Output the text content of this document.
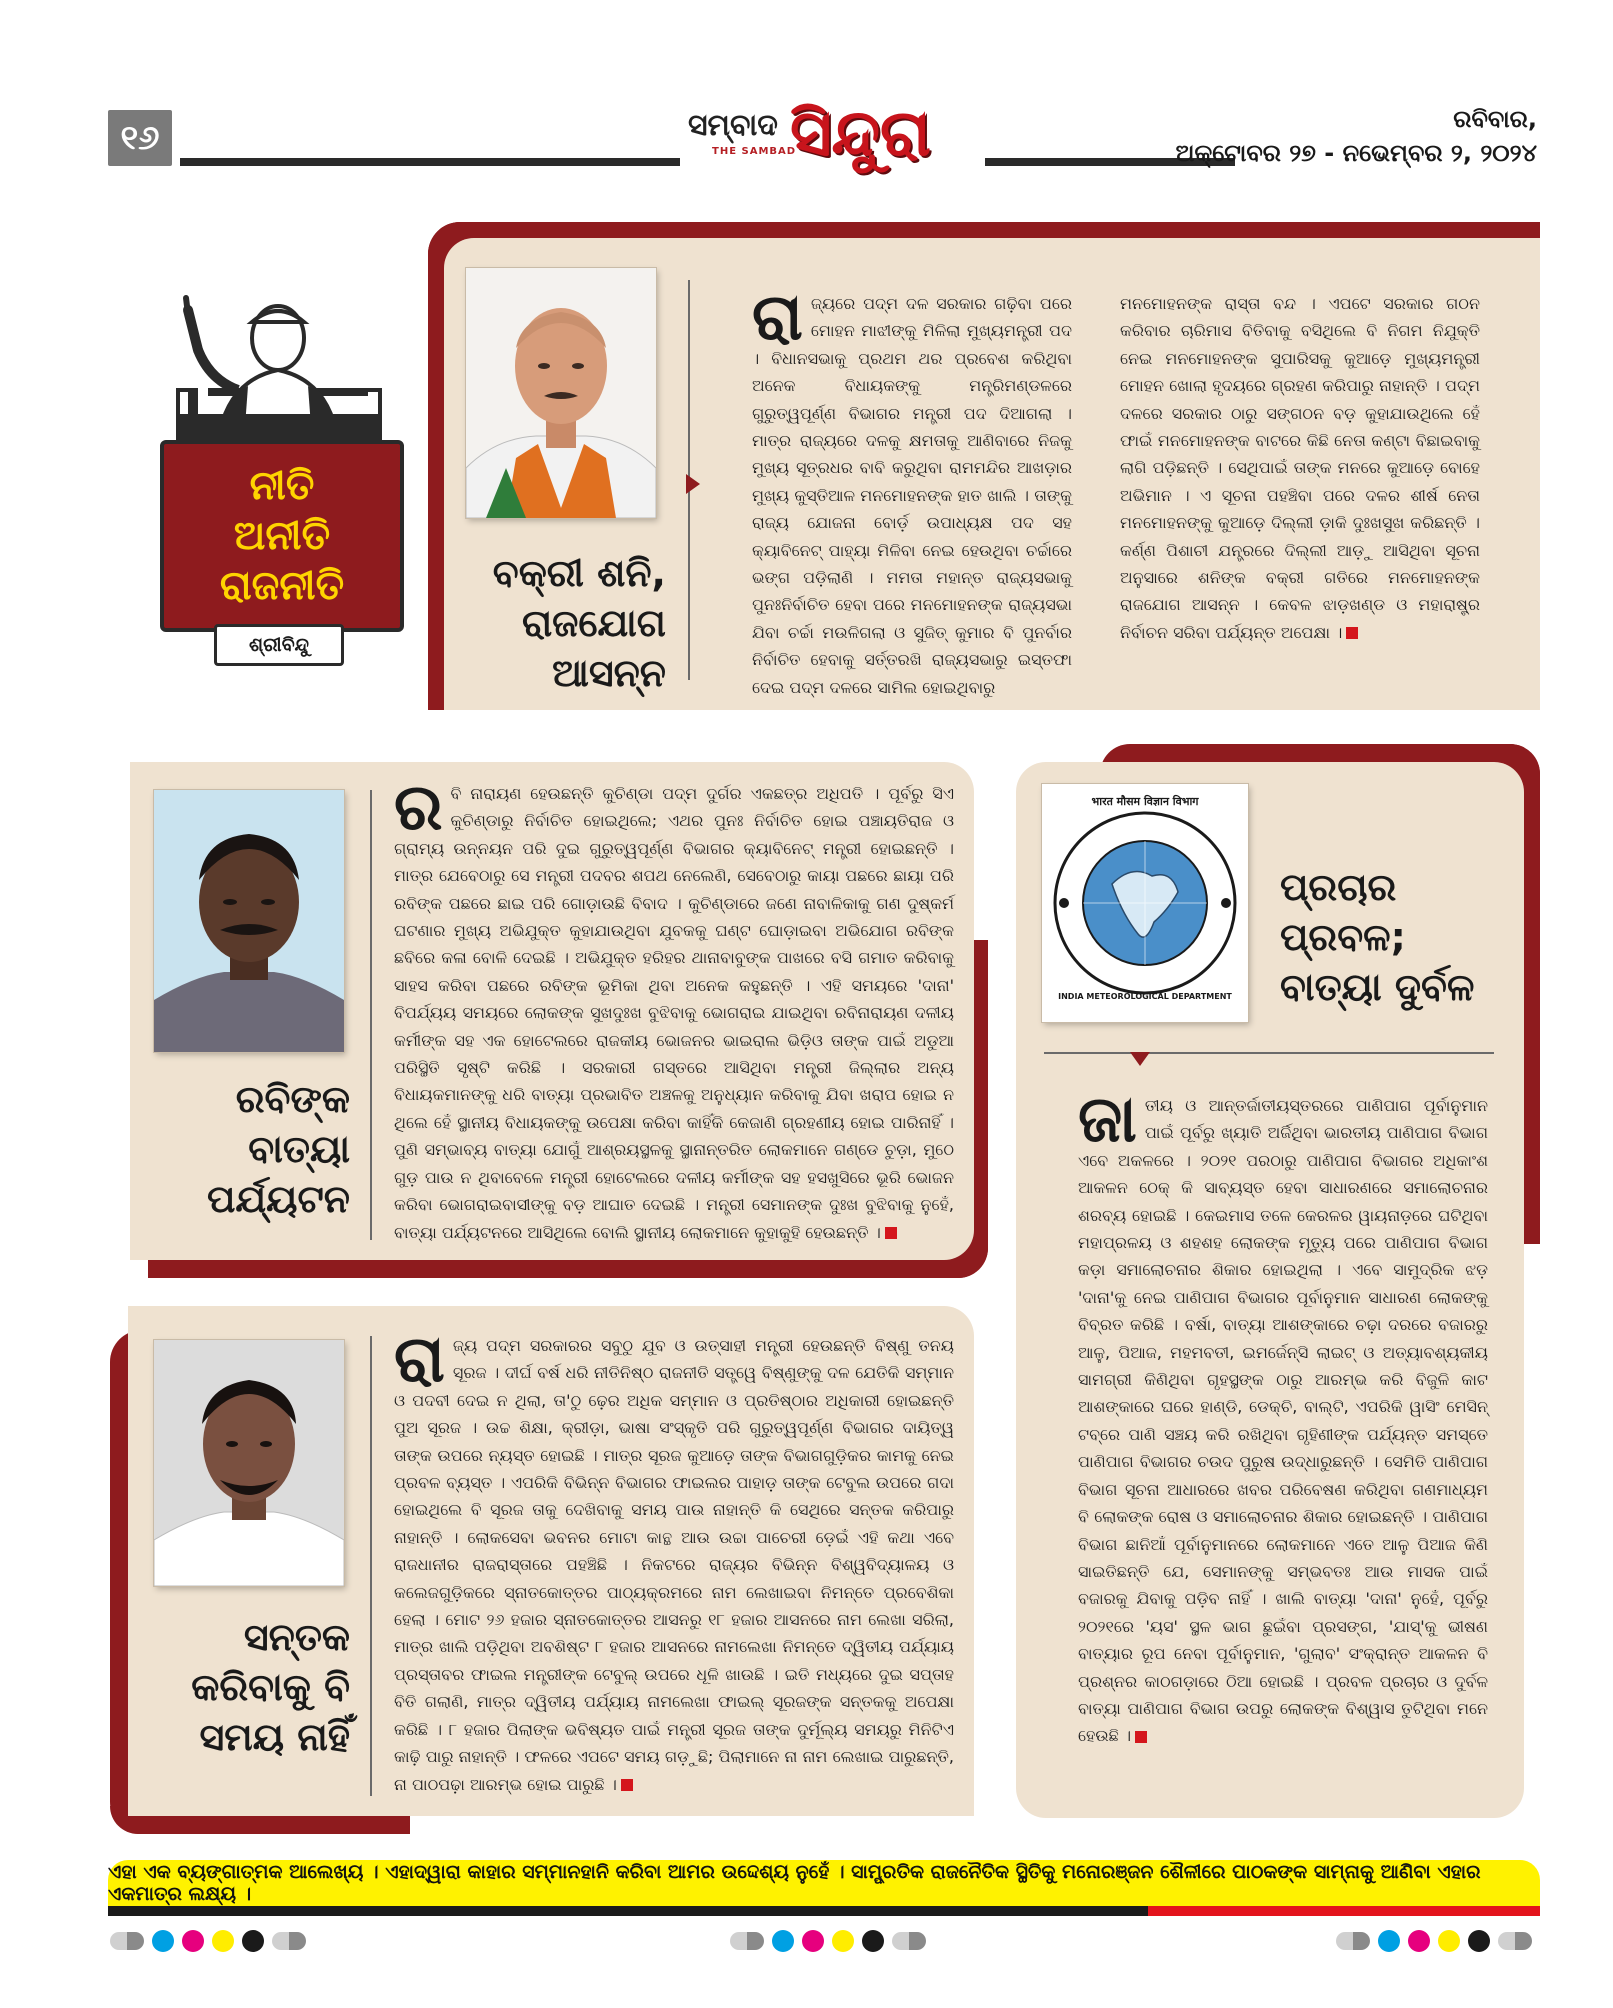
୧୬	ସମ୍ବାଦ
THE SAMBAD
ସିନ୍ଦୁରା	ରବିବାର,
ଅକ୍ଟୋବର ୨୭ - ନଭେମ୍ବର ୨, ୨୦୨୪
ନୀତି
ଅନୀତି
ରାଜନୀତି
ଶ୍ରୀବିନ୍ଦୁ
ବକ୍ରୀ ଶନି,
ରାଜଯୋଗ
ଆସନ୍ନ
ରା ଜ୍ୟରେ ପଦ୍ମ ଦଳ ସରକାର ଗଢ଼ିବା ପରେ ମୋହନ ମାଝୀଙ୍କୁ ମିଳିଲା ମୁଖ୍ୟମନ୍ତ୍ରୀ ପଦ । ବିଧାନସଭାକୁ ପ୍ରଥମ ଥର ପ୍ରବେଶ କରିଥିବା ଅନେକ ବିଧାୟକଙ୍କୁ ମନ୍ତ୍ରିମଣ୍ଡଳରେ ଗୁରୁତ୍ୱପୂର୍ଣ୍ଣ ବିଭାଗର ମନ୍ତ୍ରୀ ପଦ ଦିଆଗଲା । ମାତ୍ର ରାଜ୍ୟରେ ଦଳକୁ କ୍ଷମତାକୁ ଆଣିବାରେ ନିଜକୁ ମୁଖ୍ୟ ସୂତ୍ରଧର ବାବି କରୁଥିବା ରାମମନ୍ଦିର ଆଖଡ଼ାର ମୁଖ୍ୟ କୁସ୍ତିଆଳ ମନମୋହନଙ୍କ ହାତ ଖାଲି । ତାଙ୍କୁ ରାଜ୍ୟ ଯୋଜନା ବୋର୍ଡ଼ ଉପାଧ୍ୟକ୍ଷ ପଦ ସହ କ୍ୟାବିନେଟ୍ ପାହ୍ୟା ମିଳିବା ନେଇ ହେଉଥିବା ଚର୍ଚ୍ଚାରେ ଭଙ୍ଗ ପଡ଼ିଲାଣି । ମମତା ମହାନ୍ତ ରାଜ୍ୟସଭାକୁ ପୁନଃନିର୍ବାଚିତ ହେବା ପରେ ମନମୋହନଙ୍କ ରାଜ୍ୟସଭା ଯିବା ଚର୍ଚ୍ଚା ମଉଳିଗଲା ଓ ସୁଜିତ୍ କୁମାର ବି ପୁନର୍ବାର ନିର୍ବାଚିତ ହେବାକୁ ସର୍ତ୍ତରଖି ରାଜ୍ୟସଭାରୁ ଇସ୍ତଫା ଦେଇ ପଦ୍ମ ଦଳରେ ସାମିଲ ହୋଇଥିବାରୁ
ମନମୋହନଙ୍କ ରାସ୍ତା ବନ୍ଦ । ଏପଟେ ସରକାର ଗଠନ କରିବାର ଚାରିମାସ ବିତିବାକୁ ବସିଥିଲେ ବି ନିଗମ ନିଯୁକ୍ତି ନେଇ ମନମୋହନଙ୍କ ସୁପାରିସକୁ କୁଆଡ଼େ ମୁଖ୍ୟମନ୍ତ୍ରୀ ମୋହନ ଖୋଲା ହୃଦୟରେ ଗ୍ରହଣ କରିପାରୁ ନାହାନ୍ତି । ପଦ୍ମ ଦଳରେ ସରକାର ଠାରୁ ସଙ୍ଗଠନ ବଡ଼ କୁହାଯାଉଥିଲେ ହେଁ ଫାଇଁ ମନମୋହନଙ୍କ ବାଟରେ କିଛି ନେତା କଣ୍ଟା ବିଛାଇବାକୁ ଲାଗି ପଡ଼ିଛନ୍ତି । ସେଥିପାଇଁ ତାଙ୍କ ମନରେ କୁଆଡ଼େ ବୋହେ ଅଭିମାନ । ଏ ସୂଚନା ପହଞ୍ଚିବା ପରେ ଦଳର ଶୀର୍ଷ ନେତା ମନମୋହନଙ୍କୁ କୁଆଡ଼େ ଦିଲ୍ଲୀ ଡ଼ାକି ଦୁଃଖସୁଖ କରିଛନ୍ତି । କର୍ଣ୍ଣ ପିଶାଚୀ ଯନ୍ତ୍ରରେ ଦିଲ୍ଲୀ ଆଡ଼ୁ ଆସିଥିବା ସୂଚନା ଅନୁସାରେ ଶନିଙ୍କ ବକ୍ରୀ ଗତିରେ ମନମୋହନଙ୍କ ରାଜଯୋଗ ଆସନ୍ନ । କେବଳ ଝାଡ଼ଖଣ୍ଡ ଓ ମହାରାଷ୍ଟ୍ର ନିର୍ବାଚନ ସରିବା ପର୍ଯ୍ୟନ୍ତ ଅପେକ୍ଷା ।
ରବିଙ୍କ ବାତ୍ୟା
ପର୍ଯ୍ୟଟନ
ର ବି ନାରାୟଣ ହେଉଛନ୍ତି କୁଚିଣ୍ଡା ପଦ୍ମ ଦୁର୍ଗର ଏକଛତ୍ର ଅଧିପତି । ପୂର୍ବରୁ ସିଏ କୁଚିଣ୍ଡାରୁ ନିର୍ବାଚିତ ହୋଇଥିଲେ; ଏଥର ପୁନଃ ନିର୍ବାଚିତ ହୋଇ ପଞ୍ଚାୟତିରାଜ ଓ ଗ୍ରାମ୍ୟ ଉନ୍ନୟନ ପରି ଦୁଇ ଗୁରୁତ୍ୱପୂର୍ଣ୍ଣ ବିଭାଗର କ୍ୟାବିନେଟ୍ ମନ୍ତ୍ରୀ ହୋଇଛନ୍ତି । ମାତ୍ର ଯେବେଠାରୁ ସେ ମନ୍ତ୍ରୀ ପଦବର ଶପଥ ନେଲେଣି, ସେବେଠାରୁ କାୟା ପଛରେ ଛାୟା ପରି ରବିଙ୍କ ପଛରେ ଛାଇ ପରି ଗୋଡ଼ାଉଛି ବିବାଦ । କୁଚିଣ୍ଡାରେ ଜଣେ ନାବାଳିକାକୁ ଗଣ ଦୁଷ୍କର୍ମ ଘଟଣାର ମୁଖ୍ୟ ଅଭିଯୁକ୍ତ କୁହାଯାଉଥିବା ଯୁବକକୁ ଘଣ୍ଟ ଘୋଡ଼ାଇବା ଅଭିଯୋଗ ରବିଙ୍କ ଛବିରେ କଳା ବୋଳି ଦେଇଛି । ଅଭିଯୁକ୍ତ ହରିହର ଥାନାବାବୁଙ୍କ ପାଖରେ ବସି ଗମାତ କରିବାକୁ ସାହସ କରିବା ପଛରେ ରବିଙ୍କ ଭୂମିକା ଥିବା ଅନେକ କହୁଛନ୍ତି । ଏହି ସମୟରେ 'ଦାନା' ବିପର୍ଯ୍ୟୟ ସମୟରେ ଲୋକଙ୍କ ସୁଖଦୁଃଖ ବୁଝିବାକୁ ଭୋଗରାଇ ଯାଇଥିବା ରବିନାରାୟଣ ଦଳୀୟ କର୍ମୀଙ୍କ ସହ ଏକ ହୋଟେଲରେ ରାଜକୀୟ ଭୋଜନର ଭାଇରାଲ ଭିଡ଼ିଓ ତାଙ୍କ ପାଇଁ ଅଡୁଆ ପରିସ୍ଥିତି ସୃଷ୍ଟି କରିଛି । ସରକାରୀ ଗସ୍ତରେ ଆସିଥିବା ମନ୍ତ୍ରୀ ଜିଲ୍ଲାର ଅନ୍ୟ ବିଧାୟକମାନଙ୍କୁ ଧରି ବାତ୍ୟା ପ୍ରଭାବିତ ଅଞ୍ଚଳକୁ ଅନୁଧ୍ୟାନ କରିବାକୁ ଯିବା ଖରାପ ହୋଇ ନ ଥିଲେ ହେଁ ସ୍ଥାନୀୟ ବିଧାୟକଙ୍କୁ ଉପେକ୍ଷା କରିବା କାହିଁକି କେଜାଣି ଗ୍ରହଣୀୟ ହୋଇ ପାରିନାହିଁ । ପୁଣି ସମ୍ଭାବ୍ୟ ବାତ୍ୟା ଯୋଗୁଁ ଆଶ୍ରୟସ୍ଥଳକୁ ସ୍ଥାନାନ୍ତରିତ ଲୋକମାନେ ଗଣ୍ଡେ ଚୁଡ଼ା, ମୁଠେ ଗୁଡ଼ ପାଉ ନ ଥିବାବେଳେ ମନ୍ତ୍ରୀ ହୋଟେଲରେ ଦଳୀୟ କର୍ମୀଙ୍କ ସହ ହସଖୁସିରେ ଭୂରି ଭୋଜନ କରିବା ଭୋଗରାଇବାସୀଙ୍କୁ ବଡ଼ ଆଘାତ ଦେଇଛି । ମନ୍ତ୍ରୀ ସେମାନଙ୍କ ଦୁଃଖ ବୁଝିବାକୁ ନୁହେଁ, ବାତ୍ୟା ପର୍ଯ୍ୟଟନରେ ଆସିଥିଲେ ବୋଲି ସ୍ଥାନୀୟ ଲୋକମାନେ କୁହାକୁହି ହେଉଛନ୍ତି ।
ସନ୍ତକ
କରିବାକୁ ବି
ସମୟ ନାହିଁ
ରା ଜ୍ୟ ପଦ୍ମ ସରକାରର ସବୁଠୁ ଯୁବ ଓ ଉତ୍ସାହୀ ମନ୍ତ୍ରୀ ହେଉଛନ୍ତି ବିଷ୍ଣୁ ତନୟ ସୂରଜ । ଦୀର୍ଘ ବର୍ଷ ଧରି ନୀତିନିଷ୍ଠ ରାଜନୀତି ସତ୍ତ୍ୱେ ବିଷ୍ଣୁଙ୍କୁ ଦଳ ଯେତିକି ସମ୍ମାନ ଓ ପଦବୀ ଦେଇ ନ ଥିଲା, ତା'ଠୁ ଢ଼େର ଅଧିକ ସମ୍ମାନ ଓ ପ୍ରତିଷ୍ଠାର ଅଧିକାରୀ ହୋଇଛନ୍ତି ପୁଅ ସୂରଜ । ଉଚ୍ଚ ଶିକ୍ଷା, କ୍ରୀଡ଼ା, ଭାଷା ସଂସ୍କୃତି ପରି ଗୁରୁତ୍ୱପୂର୍ଣ୍ଣ ବିଭାଗର ଦାୟିତ୍ୱ ତାଙ୍କ ଉପରେ ନ୍ୟସ୍ତ ହୋଇଛି । ମାତ୍ର ସୂରଜ କୁଆଡ଼େ ତାଙ୍କ ବିଭାଗଗୁଡ଼ିକର କାମକୁ ନେଇ ପ୍ରବଳ ବ୍ୟସ୍ତ । ଏପରିକି ବିଭିନ୍ନ ବିଭାଗର ଫାଇଲର ପାହାଡ଼ ତାଙ୍କ ଟେବୁଲ ଉପରେ ଗଦା ହୋଇଥିଲେ ବି ସୂରଜ ତାକୁ ଦେଖିବାକୁ ସମୟ ପାଉ ନାହାନ୍ତି କି ସେଥିରେ ସନ୍ତକ କରିପାରୁ ନାହାନ୍ତି । ଲୋକସେବା ଭବନର ମୋଟା କାନ୍ଥ ଆଉ ଉଚ୍ଚା ପାଚେରୀ ଡ଼େଇଁ ଏହି କଥା ଏବେ ରାଜଧାନୀର ରାଜରାସ୍ତାରେ ପହଞ୍ଚିଛି । ନିକଟରେ ରାଜ୍ୟର ବିଭିନ୍ନ ବିଶ୍ୱବିଦ୍ୟାଳୟ ଓ କଲେଜଗୁଡ଼ିକରେ ସ୍ନାତକୋତ୍ତର ପାଠ୍ୟକ୍ରମରେ ନାମ ଲେଖାଇବା ନିମନ୍ତେ ପ୍ରବେଶିକା ହେଲା । ମୋଟ ୨୬ ହଜାର ସ୍ନାତକୋତ୍ତର ଆସନରୁ ୧୮ ହଜାର ଆସନରେ ନାମ ଲେଖା ସରିଲା, ମାତ୍ର ଖାଲି ପଡ଼ିଥିବା ଅବଶିଷ୍ଟ ୮ ହଜାର ଆସନରେ ନାମଲେଖା ନିମନ୍ତେ ଦ୍ୱିତୀୟ ପର୍ଯ୍ୟାୟ ପ୍ରସ୍ତାବର ଫାଇଲ ମନ୍ତ୍ରୀଙ୍କ ଟେବୁଲ୍ ଉପରେ ଧୂଳି ଖାଉଛି । ଇତି ମଧ୍ୟରେ ଦୁଇ ସପ୍ତାହ ବିତି ଗଲାଣି, ମାତ୍ର ଦ୍ୱିତୀୟ ପର୍ଯ୍ୟାୟ ନାମଲେଖା ଫାଇଲ୍ ସୂରଜଙ୍କ ସନ୍ତକକୁ ଅପେକ୍ଷା କରିଛି । ୮ ହଜାର ପିଲାଙ୍କ ଭବିଷ୍ୟତ ପାଇଁ ମନ୍ତ୍ରୀ ସୂରଜ ତାଙ୍କ ଦୁର୍ମୂଲ୍ୟ ସମୟରୁ ମିନିଟିଏ କାଢ଼ି ପାରୁ ନାହାନ୍ତି । ଫଳରେ ଏପଟେ ସମୟ ଗଡ଼ୁଛି; ପିଲାମାନେ ନା ନାମ ଲେଖାଇ ପାରୁଛନ୍ତି, ନା ପାଠପଢ଼ା ଆରମ୍ଭ ହୋଇ ପାରୁଛି ।
भारत मौसम विज्ञान विभाग
INDIA METEOROLOGICAL DEPARTMENT
ପ୍ରଚାର
ପ୍ରବଳ;
ବାତ୍ୟା ଦୁର୍ବଳ
ଜା ତୀୟ ଓ ଆନ୍ତର୍ଜାତୀୟସ୍ତରରେ ପାଣିପାଗ ପୂର୍ବାନୁମାନ ପାଇଁ ପୂର୍ବରୁ ଖ୍ୟାତି ଅର୍ଜିଥିବା ଭାରତୀୟ ପାଣିପାଗ ବିଭାଗ ଏବେ ଅକଳରେ । ୨୦୨୧ ପରଠାରୁ ପାଣିପାଗ ବିଭାଗର ଅଧିକାଂଶ ଆକଳନ ଠେକ୍ କି ସାବ୍ୟସ୍ତ ହେବା ସାଧାରଣରେ ସମାଲୋଚନାର ଶରବ୍ୟ ହୋଇଛି । କେଇମାସ ତଳେ କେରଳର ୱାୟନାଡ଼ରେ ଘଟିଥିବା ମହାପ୍ରଳୟ ଓ ଶହଶହ ଲୋକଙ୍କ ମୃତ୍ୟୁ ପରେ ପାଣିପାଗ ବିଭାଗ କଡ଼ା ସମାଲୋଚନାର ଶିକାର ହୋଇଥିଲା । ଏବେ ସାମୁଦ୍ରିକ ଝଡ଼ 'ଦାନା'କୁ ନେଇ ପାଣିପାଗ ବିଭାଗର ପୂର୍ବାନୁମାନ ସାଧାରଣ ଲୋକଙ୍କୁ ବିବ୍ରତ କରିଛି । ବର୍ଷା, ବାତ୍ୟା ଆଶଙ୍କାରେ ଚଢ଼ା ଦରରେ ବଜାରରୁ ଆଳୁ, ପିଆଜ, ମହମବତୀ, ଇମର୍ଜେନ୍ସି ଲାଇଟ୍ ଓ ଅତ୍ୟାବଶ୍ୟକୀୟ ସାମଗ୍ରୀ କିଣିଥିବା ଗୃହସ୍ଥଙ୍କ ଠାରୁ ଆରମ୍ଭ କରି ବିଜୁଳି କାଟ ଆଶଙ୍କାରେ ଘରେ ହାଣ୍ଡି, ଡେକ୍ଚି, ବାଲ୍ଟି, ଏପରିକି ୱାସିଂ ମେସିନ୍ ଟବ୍‌ରେ ପାଣି ସଞ୍ଚୟ କରି ରଖିଥିବା ଗୃହିଣୀଙ୍କ ପର୍ଯ୍ୟନ୍ତ ସମସ୍ତେ ପାଣିପାଗ ବିଭାଗର ଚଉଦ ପୁରୁଷ ଉଦ୍ଧାରୁଛନ୍ତି । ସେମିତି ପାଣିପାଗ ବିଭାଗ ସୂଚନା ଆଧାରରେ ଖବର ପରିବେଷଣ କରିଥିବା ଗଣମାଧ୍ୟମ ବି ଲୋକଙ୍କ ରୋଷ ଓ ସମାଲୋଚନାର ଶିକାର ହୋଇଛନ୍ତି । ପାଣିପାଗ ବିଭାଗ ଛାନିଆଁ ପୂର୍ବାନୁମାନରେ ଲୋକମାନେ ଏତେ ଆଳୁ ପିଆଜ କିଣି ସାଇତିଛନ୍ତି ଯେ, ସେମାନଙ୍କୁ ସମ୍ଭବତଃ ଆଉ ମାସକ ପାଇଁ ବଜାରକୁ ଯିବାକୁ ପଡ଼ିବ ନାହିଁ । ଖାଲି ବାତ୍ୟା 'ଦାନା' ନୁହେଁ, ପୂର୍ବରୁ ୨୦୨୧ରେ 'ୟସ' ସ୍ଥଳ ଭାଗ ଛୁଇଁବା ପ୍ରସଙ୍ଗ, 'ଯାସ୍'କୁ ଭୀଷଣ ବାତ୍ୟାର ରୂପ ନେବା ପୂର୍ବାନୁମାନ, 'ଗୁଲାବ' ସଂକ୍ରାନ୍ତ ଆକଳନ ବି ପ୍ରଶ୍ନର କାଠଗଡ଼ାରେ ଠିଆ ହୋଇଛି । ପ୍ରବଳ ପ୍ରଚାର ଓ ଦୁର୍ବଳ ବାତ୍ୟା ପାଣିପାଗ ବିଭାଗ ଉପରୁ ଲୋକଙ୍କ ବିଶ୍ୱାସ ତୁଟିଥିବା ମନେ ହେଉଛି ।
ଏହା ଏକ ବ୍ୟଙ୍ଗାତ୍ମକ ଆଲେଖ୍ୟ । ଏହାଦ୍ୱାରା କାହାର ସମ୍ମାନହାନି କରିବା ଆମର ଉଦ୍ଦେଶ୍ୟ ନୁହେଁ । ସାମ୍ପ୍ରତିକ ରାଜନୈତିକ ସ୍ଥିତିକୁ ମନୋରଞ୍ଜନ ଶୈଳୀରେ ପାଠକଙ୍କ ସାମ୍ନାକୁ ଆଣିବା ଏହାର ଏକମାତ୍ର ଲକ୍ଷ୍ୟ ।
